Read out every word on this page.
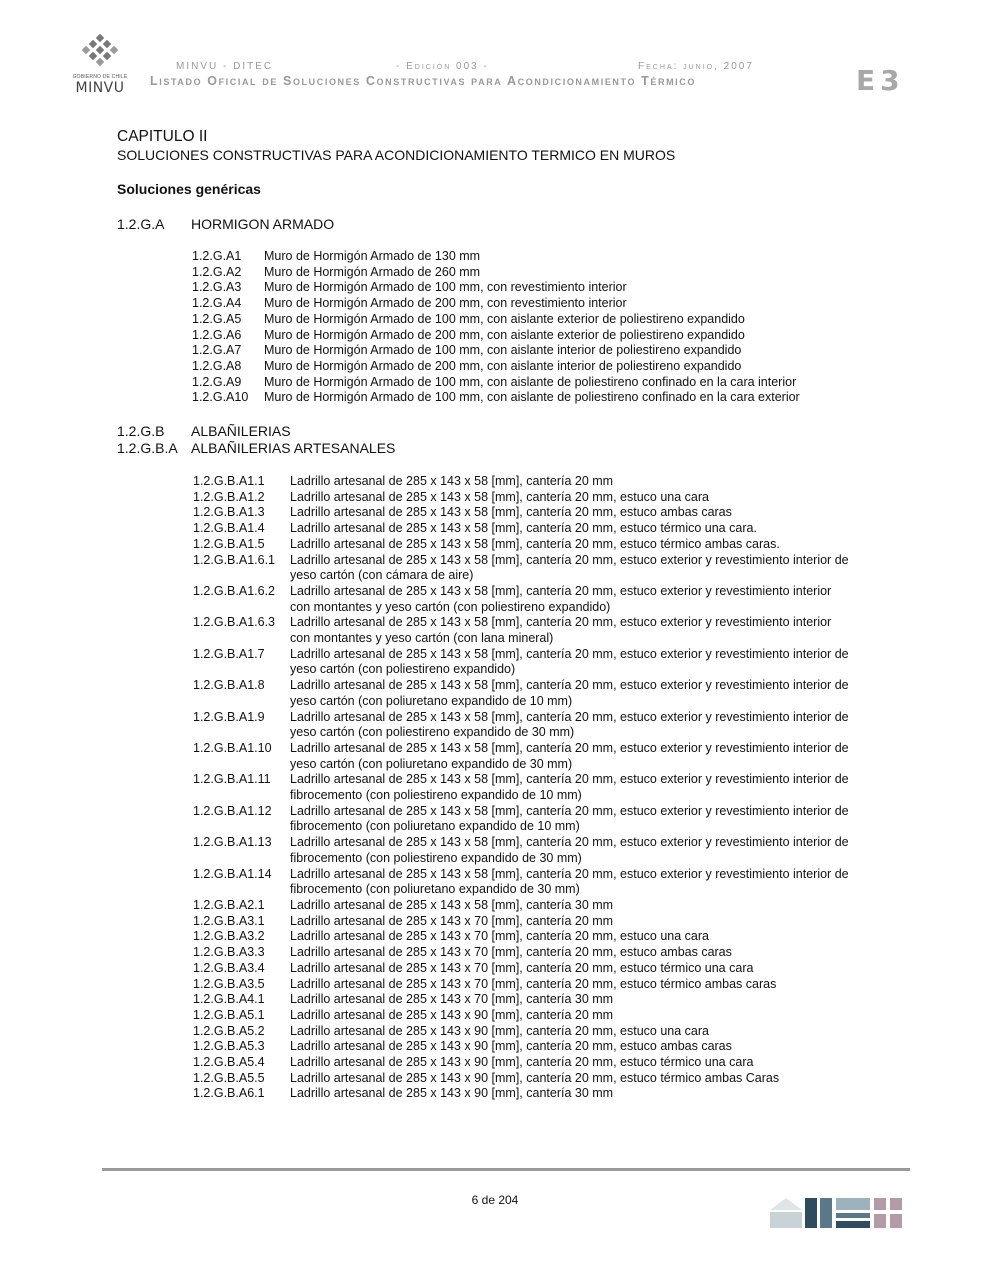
GOBIERNO DE CHILE
MINVU
MINVU - DITEC	- Edición 003 -	Fecha: junio, 2007
Listado Oficial de Soluciones Constructivas para Acondicionamiento Térmico	E3
CAPITULO II
SOLUCIONES CONSTRUCTIVAS PARA ACONDICIONAMIENTO TERMICO EN MUROS
Soluciones genéricas
1.2.G.A HORMIGON ARMADO
1.2.G.A1	Muro de Hormigón Armado de 130 mm
1.2.G.A2	Muro de Hormigón Armado de 260 mm
1.2.G.A3	Muro de Hormigón Armado de 100 mm, con revestimiento interior
1.2.G.A4	Muro de Hormigón Armado de 200 mm, con revestimiento interior
1.2.G.A5	Muro de Hormigón Armado de 100 mm, con aislante exterior de poliestireno expandido
1.2.G.A6	Muro de Hormigón Armado de 200 mm, con aislante exterior de poliestireno expandido
1.2.G.A7	Muro de Hormigón Armado de 100 mm, con aislante interior de poliestireno expandido
1.2.G.A8	Muro de Hormigón Armado de 200 mm, con aislante interior de poliestireno expandido
1.2.G.A9	Muro de Hormigón Armado de 100 mm, con aislante de poliestireno confinado en la cara interior
1.2.G.A10	Muro de Hormigón Armado de 100 mm, con aislante de poliestireno confinado en la cara exterior
1.2.G.B ALBAÑILERIAS
1.2.G.B.A ALBAÑILERIAS ARTESANALES
1.2.G.B.A1.1	Ladrillo artesanal de 285 x 143 x 58 [mm], cantería 20 mm
1.2.G.B.A1.2	Ladrillo artesanal de 285 x 143 x 58 [mm], cantería 20 mm, estuco una cara
1.2.G.B.A1.3	Ladrillo artesanal de 285 x 143 x 58 [mm], cantería 20 mm, estuco ambas caras
1.2.G.B.A1.4	Ladrillo artesanal de 285 x 143 x 58 [mm], cantería 20 mm, estuco térmico una cara.
1.2.G.B.A1.5	Ladrillo artesanal de 285 x 143 x 58 [mm], cantería 20 mm, estuco térmico ambas caras.
1.2.G.B.A1.6.1	Ladrillo artesanal de 285 x 143 x 58 [mm], cantería 20 mm, estuco exterior y revestimiento interior de yeso cartón (con cámara de aire)
1.2.G.B.A1.6.2	Ladrillo artesanal de 285 x 143 x 58 [mm], cantería 20 mm, estuco exterior y revestimiento interior con montantes y yeso cartón (con poliestireno expandido)
1.2.G.B.A1.6.3	Ladrillo artesanal de 285 x 143 x 58 [mm], cantería 20 mm, estuco exterior y revestimiento interior con montantes y yeso cartón (con lana mineral)
1.2.G.B.A1.7	Ladrillo artesanal de 285 x 143 x 58 [mm], cantería 20 mm, estuco exterior y revestimiento interior de yeso cartón (con poliestireno expandido)
1.2.G.B.A1.8	Ladrillo artesanal de 285 x 143 x 58 [mm], cantería 20 mm, estuco exterior y revestimiento interior de yeso cartón (con poliuretano expandido de 10 mm)
1.2.G.B.A1.9	Ladrillo artesanal de 285 x 143 x 58 [mm], cantería 20 mm, estuco exterior y revestimiento interior de yeso cartón (con poliestireno expandido de 30 mm)
1.2.G.B.A1.10	Ladrillo artesanal de 285 x 143 x 58 [mm], cantería 20 mm, estuco exterior y revestimiento interior de yeso cartón (con poliuretano expandido de 30 mm)
1.2.G.B.A1.11	Ladrillo artesanal de 285 x 143 x 58 [mm], cantería 20 mm, estuco exterior y revestimiento interior de fibrocemento (con poliestireno expandido de 10 mm)
1.2.G.B.A1.12	Ladrillo artesanal de 285 x 143 x 58 [mm], cantería 20 mm, estuco exterior y revestimiento interior de fibrocemento (con poliuretano expandido de 10 mm)
1.2.G.B.A1.13	Ladrillo artesanal de 285 x 143 x 58 [mm], cantería 20 mm, estuco exterior y revestimiento interior de fibrocemento (con poliestireno expandido de 30 mm)
1.2.G.B.A1.14	Ladrillo artesanal de 285 x 143 x 58 [mm], cantería 20 mm, estuco exterior y revestimiento interior de fibrocemento (con poliuretano expandido de 30 mm)
1.2.G.B.A2.1	Ladrillo artesanal de 285 x 143 x 58 [mm], cantería 30 mm
1.2.G.B.A3.1	Ladrillo artesanal de 285 x 143 x 70 [mm], cantería 20 mm
1.2.G.B.A3.2	Ladrillo artesanal de 285 x 143 x 70 [mm], cantería 20 mm, estuco una cara
1.2.G.B.A3.3	Ladrillo artesanal de 285 x 143 x 70 [mm], cantería 20 mm, estuco ambas caras
1.2.G.B.A3.4	Ladrillo artesanal de 285 x 143 x 70 [mm], cantería 20 mm, estuco térmico una cara
1.2.G.B.A3.5	Ladrillo artesanal de 285 x 143 x 70 [mm], cantería 20 mm, estuco térmico ambas caras
1.2.G.B.A4.1	Ladrillo artesanal de 285 x 143 x 70 [mm], cantería 30 mm
1.2.G.B.A5.1	Ladrillo artesanal de 285 x 143 x 90 [mm], cantería 20 mm
1.2.G.B.A5.2	Ladrillo artesanal de 285 x 143 x 90 [mm], cantería 20 mm, estuco una cara
1.2.G.B.A5.3	Ladrillo artesanal de 285 x 143 x 90 [mm], cantería 20 mm, estuco ambas caras
1.2.G.B.A5.4	Ladrillo artesanal de 285 x 143 x 90 [mm], cantería 20 mm, estuco térmico una cara
1.2.G.B.A5.5	Ladrillo artesanal de 285 x 143 x 90 [mm], cantería 20 mm, estuco térmico ambas Caras
1.2.G.B.A6.1	Ladrillo artesanal de 285 x 143 x 90 [mm], cantería 30 mm
6 de 204
